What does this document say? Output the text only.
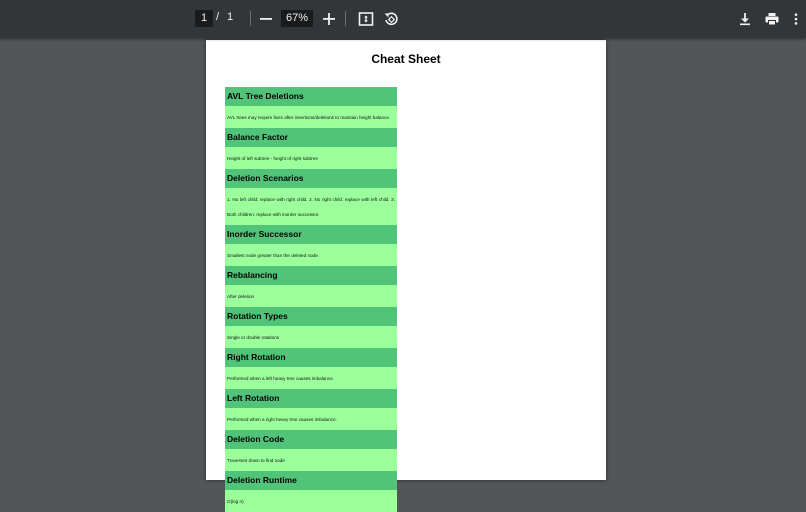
1 / 1	67%
Cheat Sheet
AVL Tree Deletions
AVL trees may require fixes after insertions/deletions to maintain height balance.
Balance Factor
Height of left subtree - height of right subtree
Deletion Scenarios
1. No left child: replace with right child. 2. No right child: replace with left child. 3. Both children: replace with inorder successor.
Inorder Successor
Smallest node greater than the deleted node.
Rebalancing
After deletion
Rotation Types
Single or double rotations
Right Rotation
Performed when a left heavy tree causes imbalance.
Left Rotation
Performed when a right heavy tree causes imbalance.
Deletion Code
Traverses down to find node
Deletion Runtime
O(log n)
